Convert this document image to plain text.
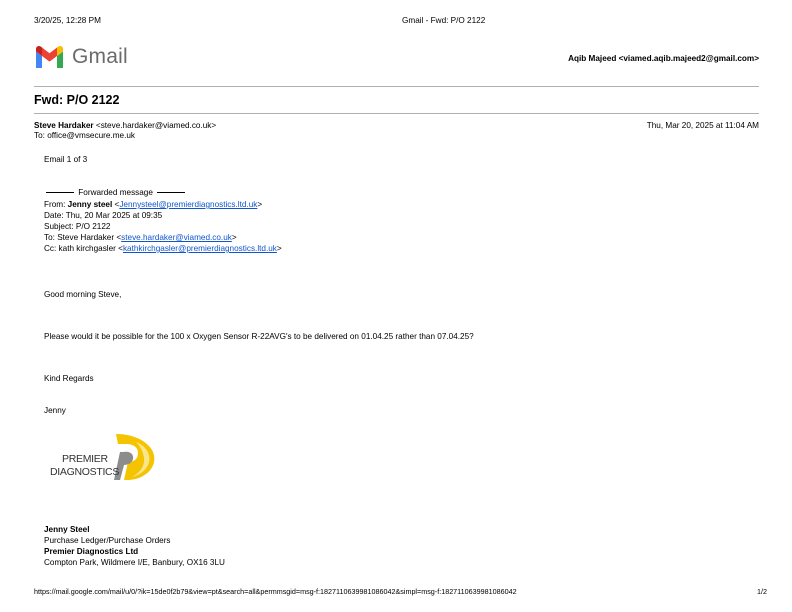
3/20/25, 12:28 PM	Gmail - Fwd: P/O 2122
Gmail	Aqib Majeed <viamed.aqib.majeed2@gmail.com>
Fwd: P/O 2122
Steve Hardaker <steve.hardaker@viamed.co.uk>	Thu, Mar 20, 2025 at 11:04 AM
To: office@vmsecure.me.uk
Email 1 of 3
Forwarded message
From: Jenny steel <Jennysteel@premierdiagnostics.ltd.uk>
Date: Thu, 20 Mar 2025 at 09:35
Subject: P/O 2122
To: Steve Hardaker <steve.hardaker@viamed.co.uk>
Cc: kath kirchgasler <kathkirchgasler@premierdiagnostics.ltd.uk>
Good morning Steve,
Please would it be possible for the 100 x Oxygen Sensor R-22AVG's to be delivered on 01.04.25 rather than 07.04.25?
Kind Regards
Jenny
PREMIER
DIAGNOSTICS
Jenny Steel
Purchase Ledger/Purchase Orders
Premier Diagnostics Ltd
Compton Park, Wildmere I/E, Banbury, OX16 3LU
https://mail.google.com/mail/u/0/?ik=15de0f2b79&view=pt&search=all&permmsgid=msg-f:1827110639981086042&simpl=msg-f:1827110639981086042	1/2
